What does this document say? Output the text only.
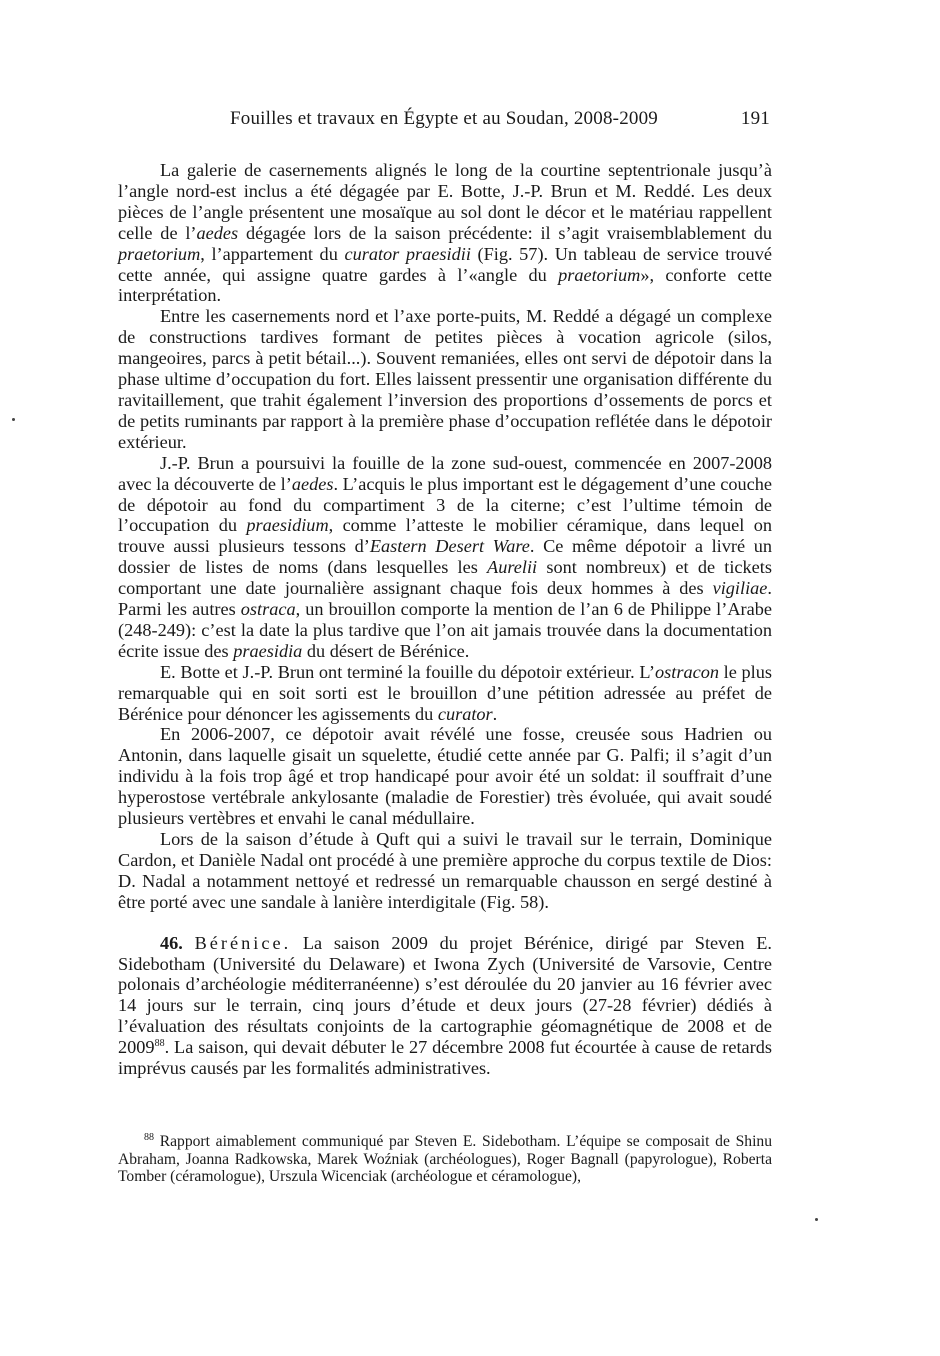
Fouilles et travaux en Égypte et au Soudan, 2008-2009	191

La galerie de casernements alignés le long de la courtine septentrionale jusqu’à l’angle nord-est inclus a été dégagée par E. Botte, J.-P. Brun et M. Reddé. Les deux pièces de l’angle présentent une mosaïque au sol dont le décor et le matériau rappellent celle de l’aedes dégagée lors de la saison précédente: il s’agit vraisemblablement du praetorium, l’appartement du curator praesidii (Fig. 57). Un tableau de service trouvé cette année, qui assigne quatre gardes à l’«angle du praetorium», conforte cette interprétation.

Entre les casernements nord et l’axe porte-puits, M. Reddé a dégagé un complexe de constructions tardives formant de petites pièces à vocation agricole (silos, mangeoires, parcs à petit bétail...). Souvent remaniées, elles ont servi de dépotoir dans la phase ultime d’occupation du fort. Elles laissent pressentir une organisation différente du ravitaillement, que trahit également l’inversion des proportions d’ossements de porcs et de petits ruminants par rapport à la première phase d’occupation reflétée dans le dépotoir extérieur.

J.-P. Brun a poursuivi la fouille de la zone sud-ouest, commencée en 2007-2008 avec la découverte de l’aedes. L’acquis le plus important est le dégagement d’une couche de dépotoir au fond du compartiment 3 de la citerne; c’est l’ultime témoin de l’occupation du praesidium, comme l’atteste le mobilier céramique, dans lequel on trouve aussi plusieurs tessons d’Eastern Desert Ware. Ce même dépotoir a livré un dossier de listes de noms (dans lesquelles les Aurelii sont nombreux) et de tickets comportant une date journalière assignant chaque fois deux hommes à des vigiliae. Parmi les autres ostraca, un brouillon comporte la mention de l’an 6 de Philippe l’Arabe (248-249): c’est la date la plus tardive que l’on ait jamais trouvée dans la documentation écrite issue des praesidia du désert de Bérénice.

E. Botte et J.-P. Brun ont terminé la fouille du dépotoir extérieur. L’ostracon le plus remarquable qui en soit sorti est le brouillon d’une pétition adressée au préfet de Bérénice pour dénoncer les agissements du curator.

En 2006-2007, ce dépotoir avait révélé une fosse, creusée sous Hadrien ou Antonin, dans laquelle gisait un squelette, étudié cette année par G. Palfi; il s’agit d’un individu à la fois trop âgé et trop handicapé pour avoir été un soldat: il souffrait d’une hyperostose vertébrale ankylosante (maladie de Forestier) très évoluée, qui avait soudé plusieurs vertèbres et envahi le canal médullaire.

Lors de la saison d’étude à Quft qui a suivi le travail sur le terrain, Dominique Cardon, et Danièle Nadal ont procédé à une première approche du corpus textile de Dios: D. Nadal a notamment nettoyé et redressé un remarquable chausson en sergé destiné à être porté avec une sandale à lanière interdigitale (Fig. 58).

46. Bérénice. La saison 2009 du projet Bérénice, dirigé par Steven E. Sidebotham (Université du Delaware) et Iwona Zych (Université de Varsovie, Centre polonais d’archéologie méditerranéenne) s’est déroulée du 20 janvier au 16 février avec 14 jours sur le terrain, cinq jours d’étude et deux jours (27-28 février) dédiés à l’évaluation des résultats conjoints de la cartographie géomagnétique de 2008 et de 2009$^{88}$. La saison, qui devait débuter le 27 décembre 2008 fut écourtée à cause de retards imprévus causés par les formalités administratives.

$^{88}$ Rapport aimablement communiqué par Steven E. Sidebotham. L’équipe se composait de Shinu Abraham, Joanna Radkowska, Marek Woźniak (archéologues), Roger Bagnall (papyrologue), Roberta Tomber (céramologue), Urszula Wicenciak (archéologue et céramologue),
